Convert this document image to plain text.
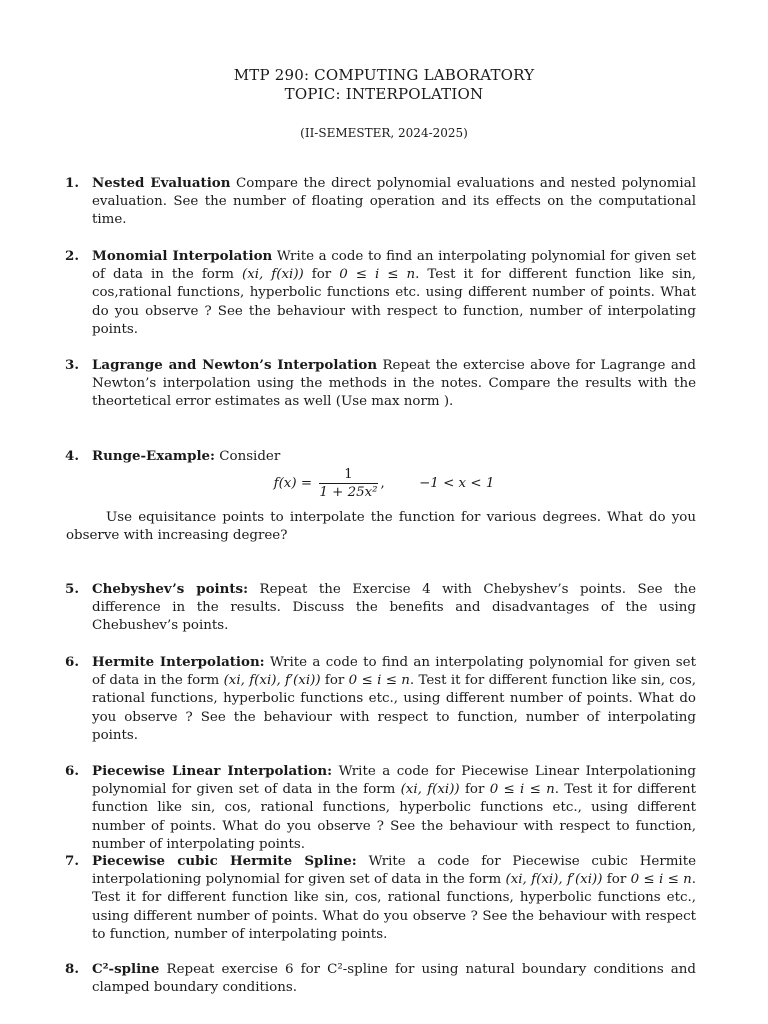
MTP 290: COMPUTING LABORATORY
TOPIC: INTERPOLATION
(II-SEMESTER, 2024-2025)
1. Nested Evaluation Compare the direct polynomial evaluations and nested polynomial evaluation. See the number of floating operation and its effects on the computational time.
2. Monomial Interpolation Write a code to find an interpolating polynomial for given set of data in the form (xi, f(xi)) for 0 ≤ i ≤ n. Test it for different function like sin, cos,rational functions, hyperbolic functions etc. using different number of points. What do you observe ? See the behaviour with respect to function, number of interpolating points.
3. Lagrange and Newton’s Interpolation Repeat the extercise above for Lagrange and Newton’s interpolation using the methods in the notes. Compare the results with the theortetical error estimates as well (Use max norm ).
4. Runge-Example: Consider
$f(x) = \frac{1}{\text{1 + 25x²}}$ ,	−1 < x < 1
Use equisitance points to interpolate the function for various degrees. What do you observe with increasing degree?
5. Chebyshev’s points: Repeat the Exercise 4 with Chebyshev’s points. See the difference in the results. Discuss the benefits and disadvantages of the using Chebushev’s points.
6. Hermite Interpolation: Write a code to find an interpolating polynomial for given set of data in the form (xi, f(xi), f′(xi)) for 0 ≤ i ≤ n. Test it for different function like sin, cos, rational functions, hyperbolic functions etc., using different number of points. What do you observe ? See the behaviour with respect to function, number of interpolating points.
6. Piecewise Linear Interpolation: Write a code for Piecewise Linear Interpolationing polynomial for given set of data in the form (xi, f(xi)) for 0 ≤ i ≤ n. Test it for different function like sin, cos, rational functions, hyperbolic functions etc., using different number of points. What do you observe ? See the behaviour with respect to function, number of interpolating points.
7. Piecewise cubic Hermite Spline: Write a code for Piecewise cubic Hermite interpolationing polynomial for given set of data in the form (xi, f(xi), f′(xi)) for 0 ≤ i ≤ n. Test it for different function like sin, cos, rational functions, hyperbolic functions etc., using different number of points. What do you observe ? See the behaviour with respect to function, number of interpolating points.
8. C²-spline Repeat exercise 6 for C²-spline for using natural boundary conditions and clamped boundary conditions.
